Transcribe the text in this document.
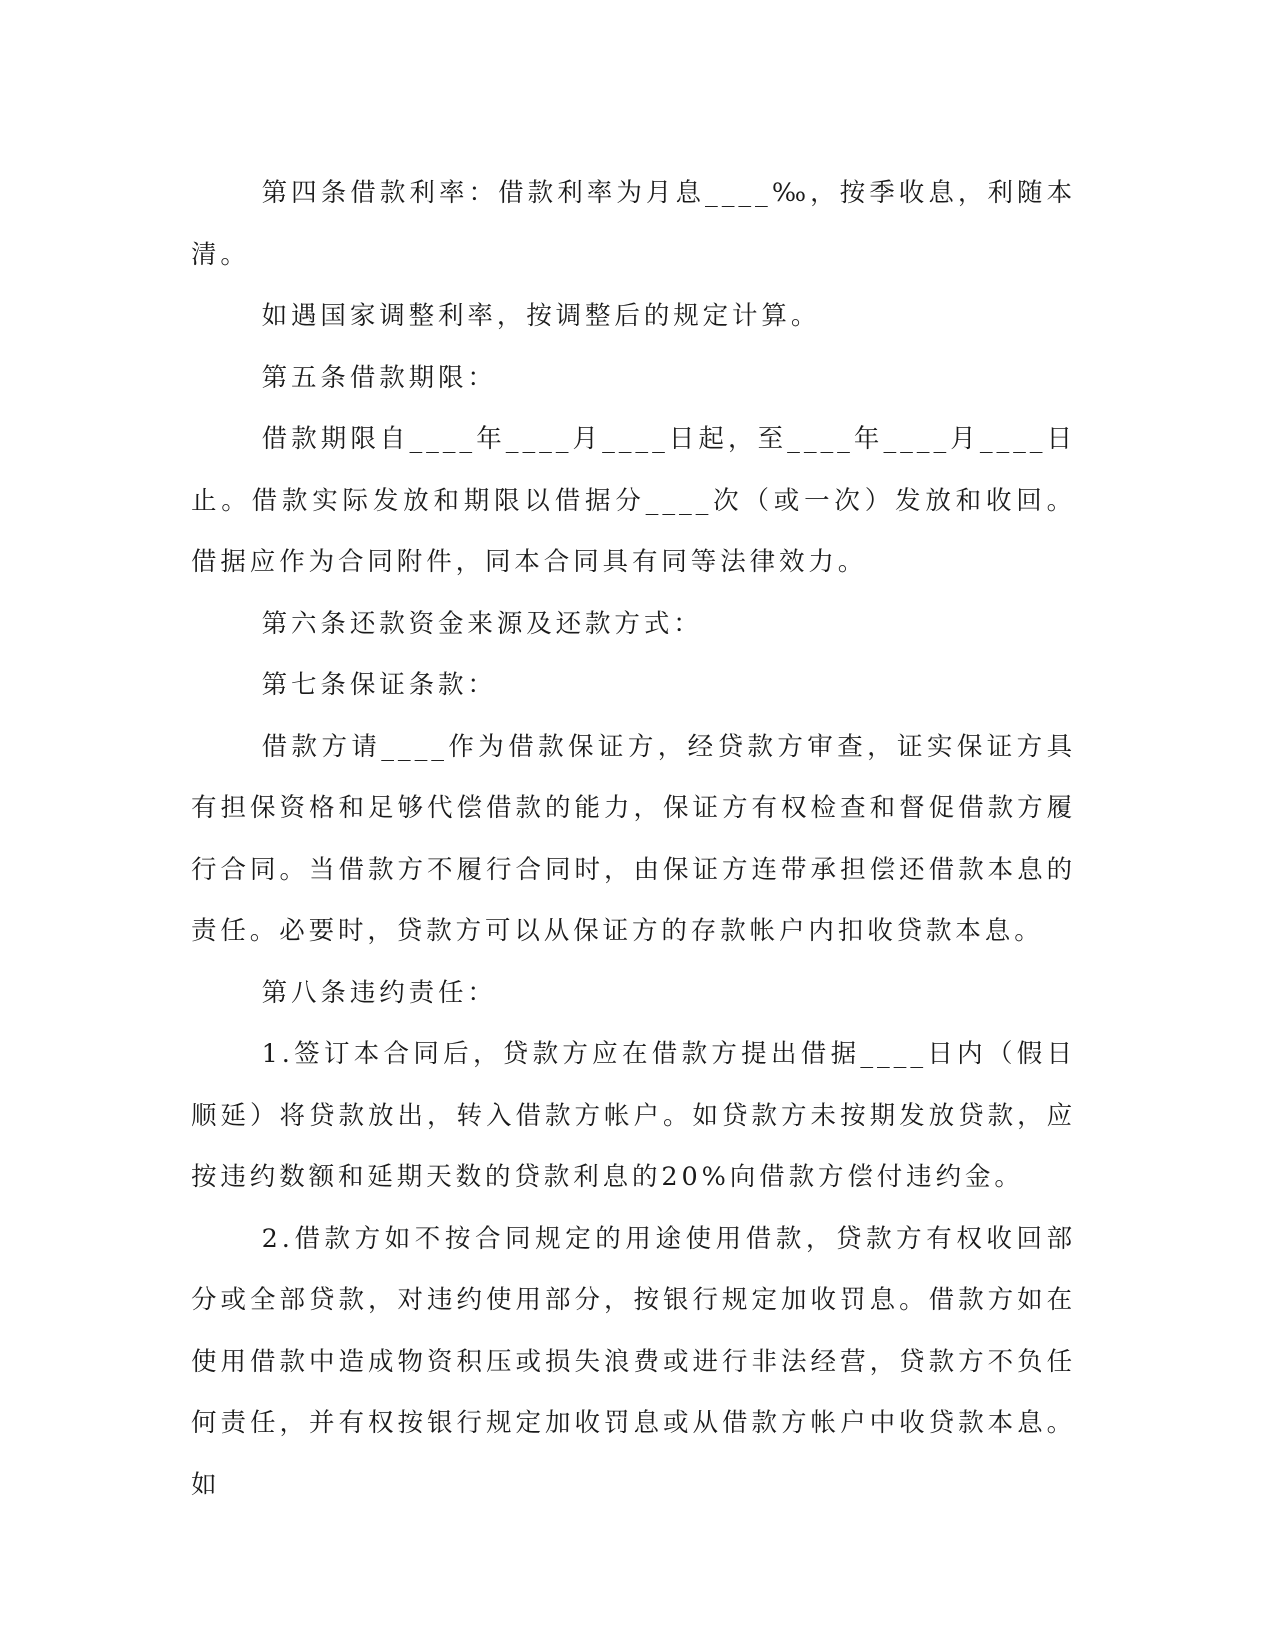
第四条借款利率：借款利率为月息____‰，按季收息，利随本清。

如遇国家调整利率，按调整后的规定计算。

第五条借款期限：

借款期限自____年____月____日起，至____年____月____日止。借款实际发放和期限以借据分____次（或一次）发放和收回。借据应作为合同附件，同本合同具有同等法律效力。

第六条还款资金来源及还款方式：

第七条保证条款：

借款方请____作为借款保证方，经贷款方审查，证实保证方具有担保资格和足够代偿借款的能力，保证方有权检查和督促借款方履行合同。当借款方不履行合同时，由保证方连带承担偿还借款本息的责任。必要时，贷款方可以从保证方的存款帐户内扣收贷款本息。

第八条违约责任：

1.签订本合同后，贷款方应在借款方提出借据____日内（假日顺延）将贷款放出，转入借款方帐户。如贷款方未按期发放贷款，应按违约数额和延期天数的贷款利息的20%向借款方偿付违约金。

2.借款方如不按合同规定的用途使用借款，贷款方有权收回部分或全部贷款，对违约使用部分，按银行规定加收罚息。借款方如在使用借款中造成物资积压或损失浪费或进行非法经营，贷款方不负任何责任，并有权按银行规定加收罚息或从借款方帐户中收贷款本息。如
